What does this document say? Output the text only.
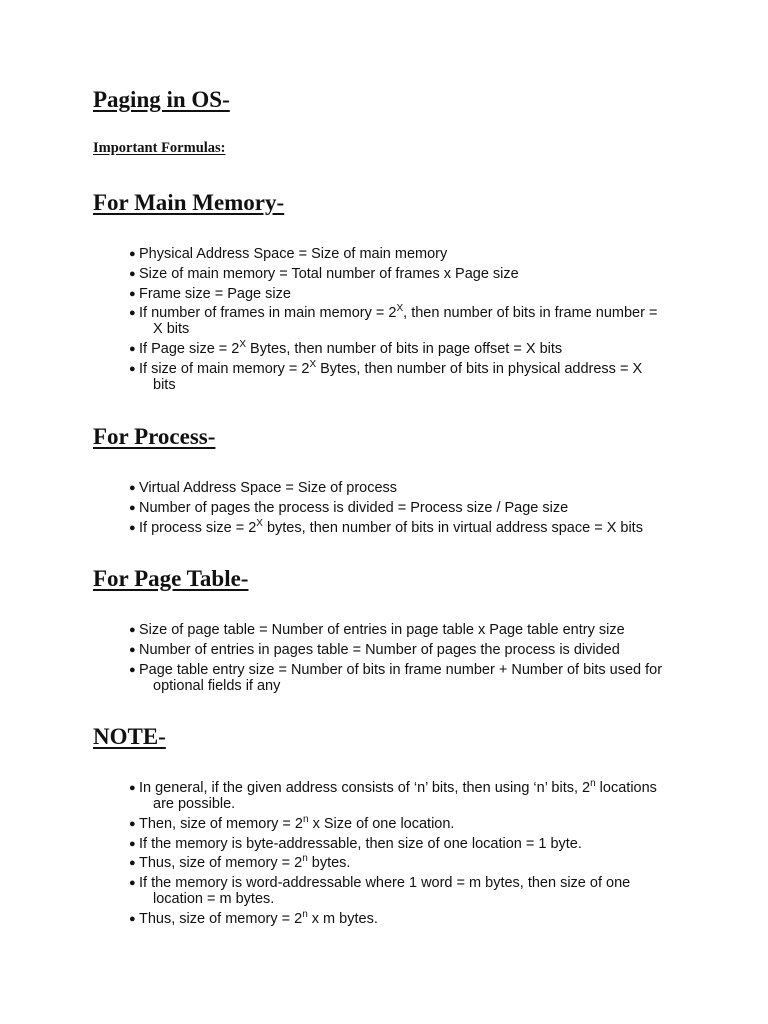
Paging in OS-
Important Formulas:
For Main Memory-
● Physical Address Space = Size of main memory
● Size of main memory = Total number of frames x Page size
● Frame size = Page size
● If number of frames in main memory = $2^X$, then number of bits in frame number =
X bits
● If Page size = $2^X$ Bytes, then number of bits in page offset = X bits
● If size of main memory = $2^X$ Bytes, then number of bits in physical address = X
bits
For Process-
● Virtual Address Space = Size of process
● Number of pages the process is divided = Process size / Page size
● If process size = $2^X$ bytes, then number of bits in virtual address space = X bits
For Page Table-
● Size of page table = Number of entries in page table x Page table entry size
● Number of entries in pages table = Number of pages the process is divided
● Page table entry size = Number of bits in frame number + Number of bits used for
optional fields if any
NOTE-
● In general, if the given address consists of ‘n’ bits, then using ‘n’ bits, 2$^n$ locations
are possible.
● Then, size of memory = $2^n$ x Size of one location.
● If the memory is byte-addressable, then size of one location = 1 byte.
● Thus, size of memory = $2^n$ bytes.
● If the memory is word-addressable where 1 word = m bytes, then size of one
location = m bytes.
● Thus, size of memory = $2^n$ x m bytes.
